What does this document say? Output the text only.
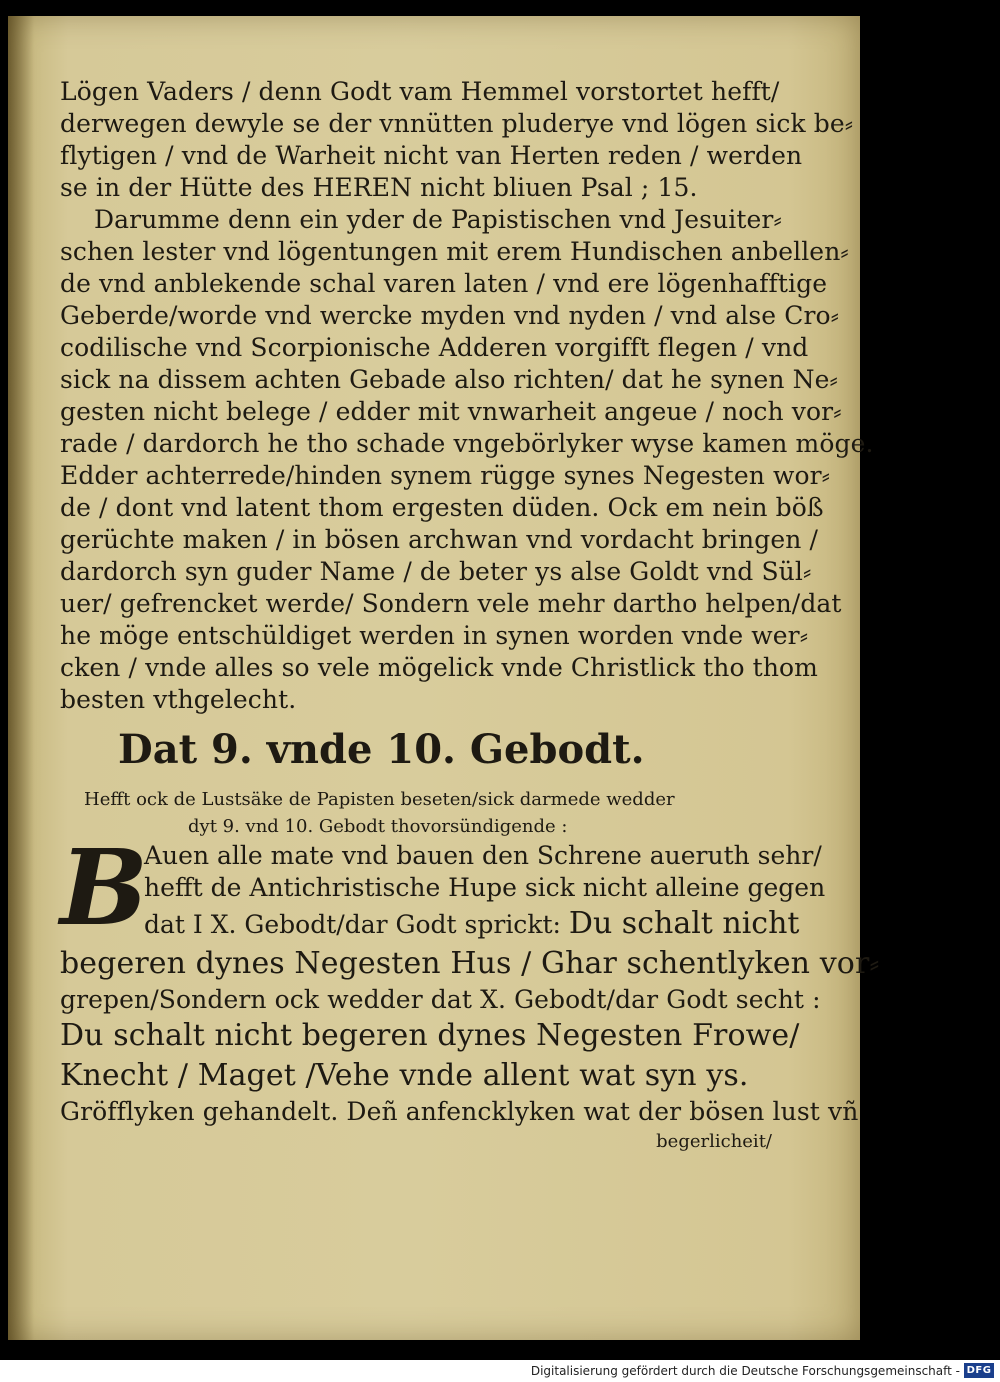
Lögen Vaders / denn Godt vam Hemmel vorstortet hefft/
derwegen dewyle se der vnnütten pluderye vnd lögen sick be⸗
flytigen / vnd de Warheit nicht van Herten reden / werden
se in der Hütte des HEREN nicht bliuen Psal ; 15.
Darumme denn ein yder de Papistischen vnd Jesuiter⸗
schen lester vnd lögentungen mit erem Hundischen anbellen⸗
de vnd anblekende schal varen laten / vnd ere lögenhafftige
Geberde/worde vnd wercke myden vnd nyden / vnd alse Cro⸗
codilische vnd Scorpionische Adderen vorgifft flegen / vnd
sick na dissem achten Gebade also richten/ dat he synen Ne⸗
gesten nicht belege / edder mit vnwarheit angeue / noch vor⸗
rade / dardorch he tho schade vngebörlyker wyse kamen möge.
Edder achterrede/hinden synem rügge synes Negesten wor⸗
de / dont vnd latent thom ergesten düden. Ock em nein böß
gerüchte maken / in bösen archwan vnd vordacht bringen /
dardorch syn guder Name / de beter ys alse Goldt vnd Sül⸗
uer/ gefrencket werde/ Sondern vele mehr dartho helpen/dat
he möge entschüldiget werden in synen worden vnde wer⸗
cken / vnde alles so vele mögelick vnde Christlick tho thom
besten vthgelecht.
Dat 9. vnde 10. Gebodt.
Hefft ock de Lustsäke de Papisten beseten/sick darmede wedder
dyt 9. vnd 10. Gebodt thovorsündigende :
B
Auen alle mate vnd bauen den Schrene aueruth sehr/
hefft de Antichristische Hupe sick nicht alleine gegen
dat I X. Gebodt/dar Godt sprickt: Du schalt nicht
begeren dynes Negesten Hus / Ghar schentlyken vor⸗
grepen/Sondern ock wedder dat X. Gebodt/dar Godt secht :
Du schalt nicht begeren dynes Negesten Frowe/
Knecht / Maget /Vehe vnde allent wat syn ys.
Gröfflyken gehandelt. Deñ anfencklyken wat der bösen lust vñ
begerlicheit/
Digitalisierung gefördert durch die Deutsche Forschungsgemeinschaft - DFG
